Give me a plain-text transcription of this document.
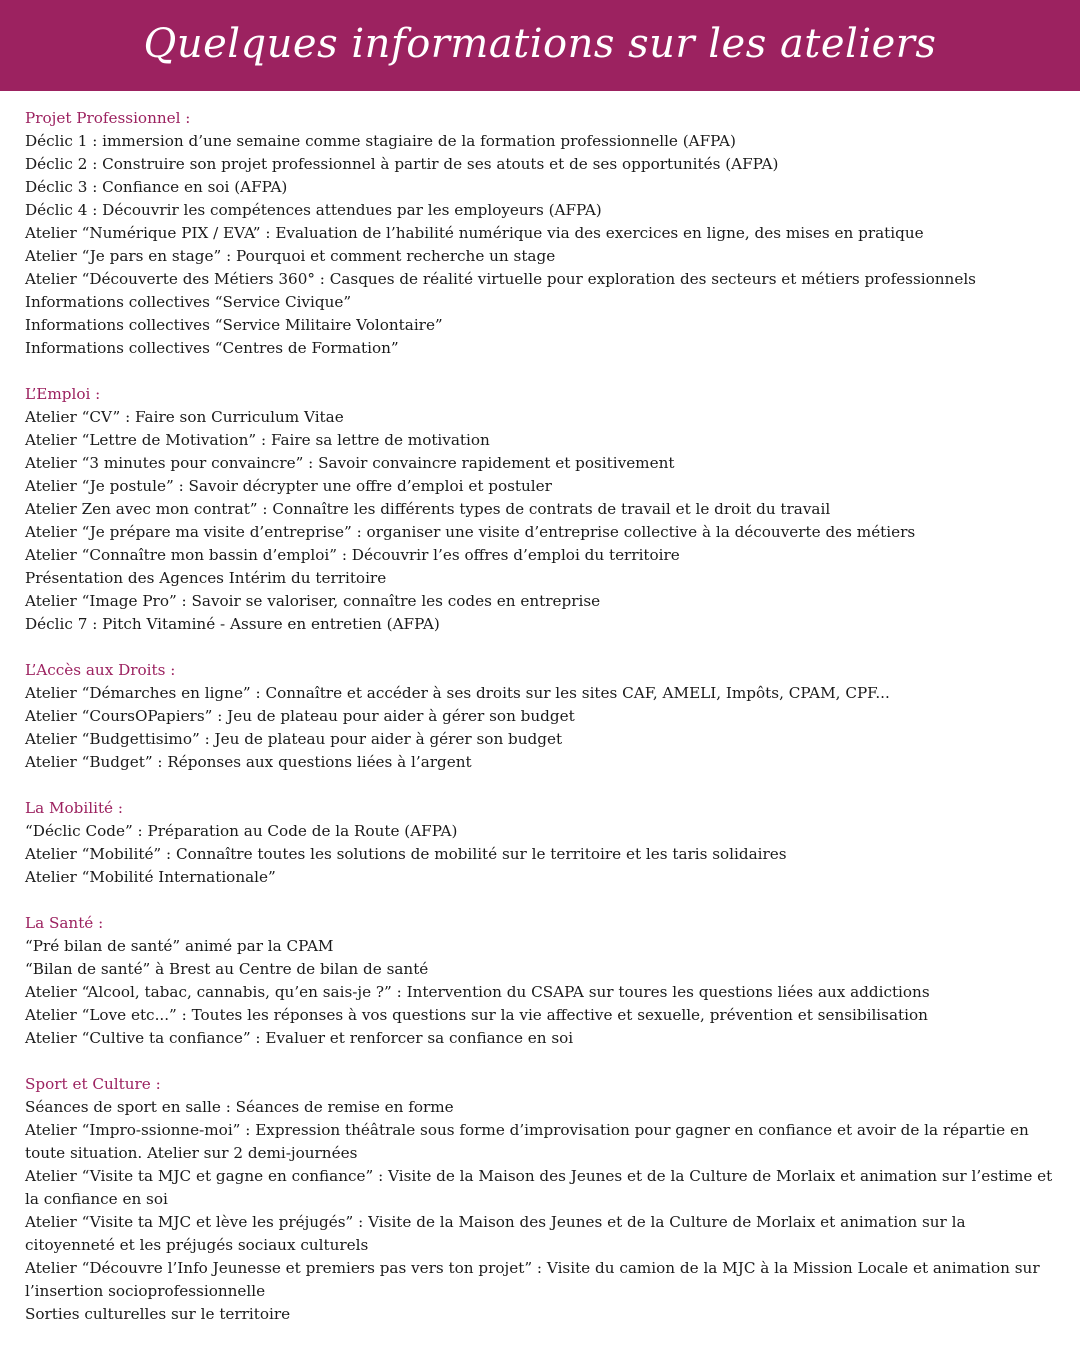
Quelques informations sur les ateliers
Projet Professionnel :
Déclic 1 : immersion d’une semaine comme stagiaire de la formation professionnelle (AFPA)
Déclic 2 : Construire son projet professionnel à partir de ses atouts et de ses opportunités (AFPA)
Déclic 3 : Confiance en soi (AFPA)
Déclic 4 : Découvrir les compétences attendues par les employeurs (AFPA)
Atelier “Numérique PIX / EVA” : Evaluation de l’habilité numérique via des exercices en ligne, des mises en pratique
Atelier “Je pars en stage” : Pourquoi et comment recherche un stage
Atelier “Découverte des Métiers 360° : Casques de réalité virtuelle pour exploration des secteurs et métiers professionnels
Informations collectives “Service Civique”
Informations collectives “Service Militaire Volontaire”
Informations collectives “Centres de Formation”
L’Emploi :
Atelier “CV” : Faire son Curriculum Vitae
Atelier “Lettre de Motivation” : Faire sa lettre de motivation
Atelier “3 minutes pour convaincre” : Savoir convaincre rapidement et positivement
Atelier “Je postule” : Savoir décrypter une offre d’emploi et postuler
Atelier Zen avec mon contrat” : Connaître les différents types de contrats de travail et le droit du travail
Atelier “Je prépare ma visite d’entreprise” : organiser une visite d’entreprise collective à la découverte des métiers
Atelier “Connaître mon bassin d’emploi” : Découvrir l’es offres d’emploi du territoire
Présentation des Agences Intérim du territoire
Atelier “Image Pro” : Savoir se valoriser, connaître les codes en entreprise
Déclic 7 : Pitch Vitaminé - Assure en entretien (AFPA)
L’Accès aux Droits :
Atelier “Démarches en ligne” : Connaître et accéder à ses droits sur les sites CAF, AMELI, Impôts, CPAM, CPF...
Atelier “CoursOPapiers” : Jeu de plateau pour aider à gérer son budget
Atelier “Budgettisimo” : Jeu de plateau pour aider à gérer son budget
Atelier “Budget” : Réponses aux questions liées à l’argent
La Mobilité :
“Déclic Code” : Préparation au Code de la Route (AFPA)
Atelier “Mobilité” : Connaître toutes les solutions de mobilité sur le territoire et les taris solidaires
Atelier “Mobilité Internationale”
La Santé :
“Pré bilan de santé” animé par la CPAM
“Bilan de santé” à Brest au Centre de bilan de santé
Atelier “Alcool, tabac, cannabis, qu’en sais-je ?” : Intervention du CSAPA sur toures les questions liées aux addictions
Atelier “Love etc...” : Toutes les réponses à vos questions sur la vie affective et sexuelle, prévention et sensibilisation
Atelier “Cultive ta confiance” : Evaluer et renforcer sa confiance en soi
Sport et Culture :
Séances de sport en salle : Séances de remise en forme
Atelier “Impro-ssionne-moi” : Expression théâtrale sous forme d’improvisation pour gagner en confiance et avoir de la répartie en toute situation. Atelier sur 2 demi-journées
Atelier “Visite ta MJC et gagne en confiance” : Visite de la Maison des Jeunes et de la Culture de Morlaix et animation sur l’estime et la confiance en soi
Atelier “Visite ta MJC et lève les préjugés” : Visite de la Maison des Jeunes et de la Culture de Morlaix et animation sur la citoyenneté et les préjugés sociaux culturels
Atelier “Découvre l’Info Jeunesse et premiers pas vers ton projet” : Visite du camion de la MJC à la Mission Locale et animation sur l’insertion socioprofessionnelle
Sorties culturelles sur le territoire
